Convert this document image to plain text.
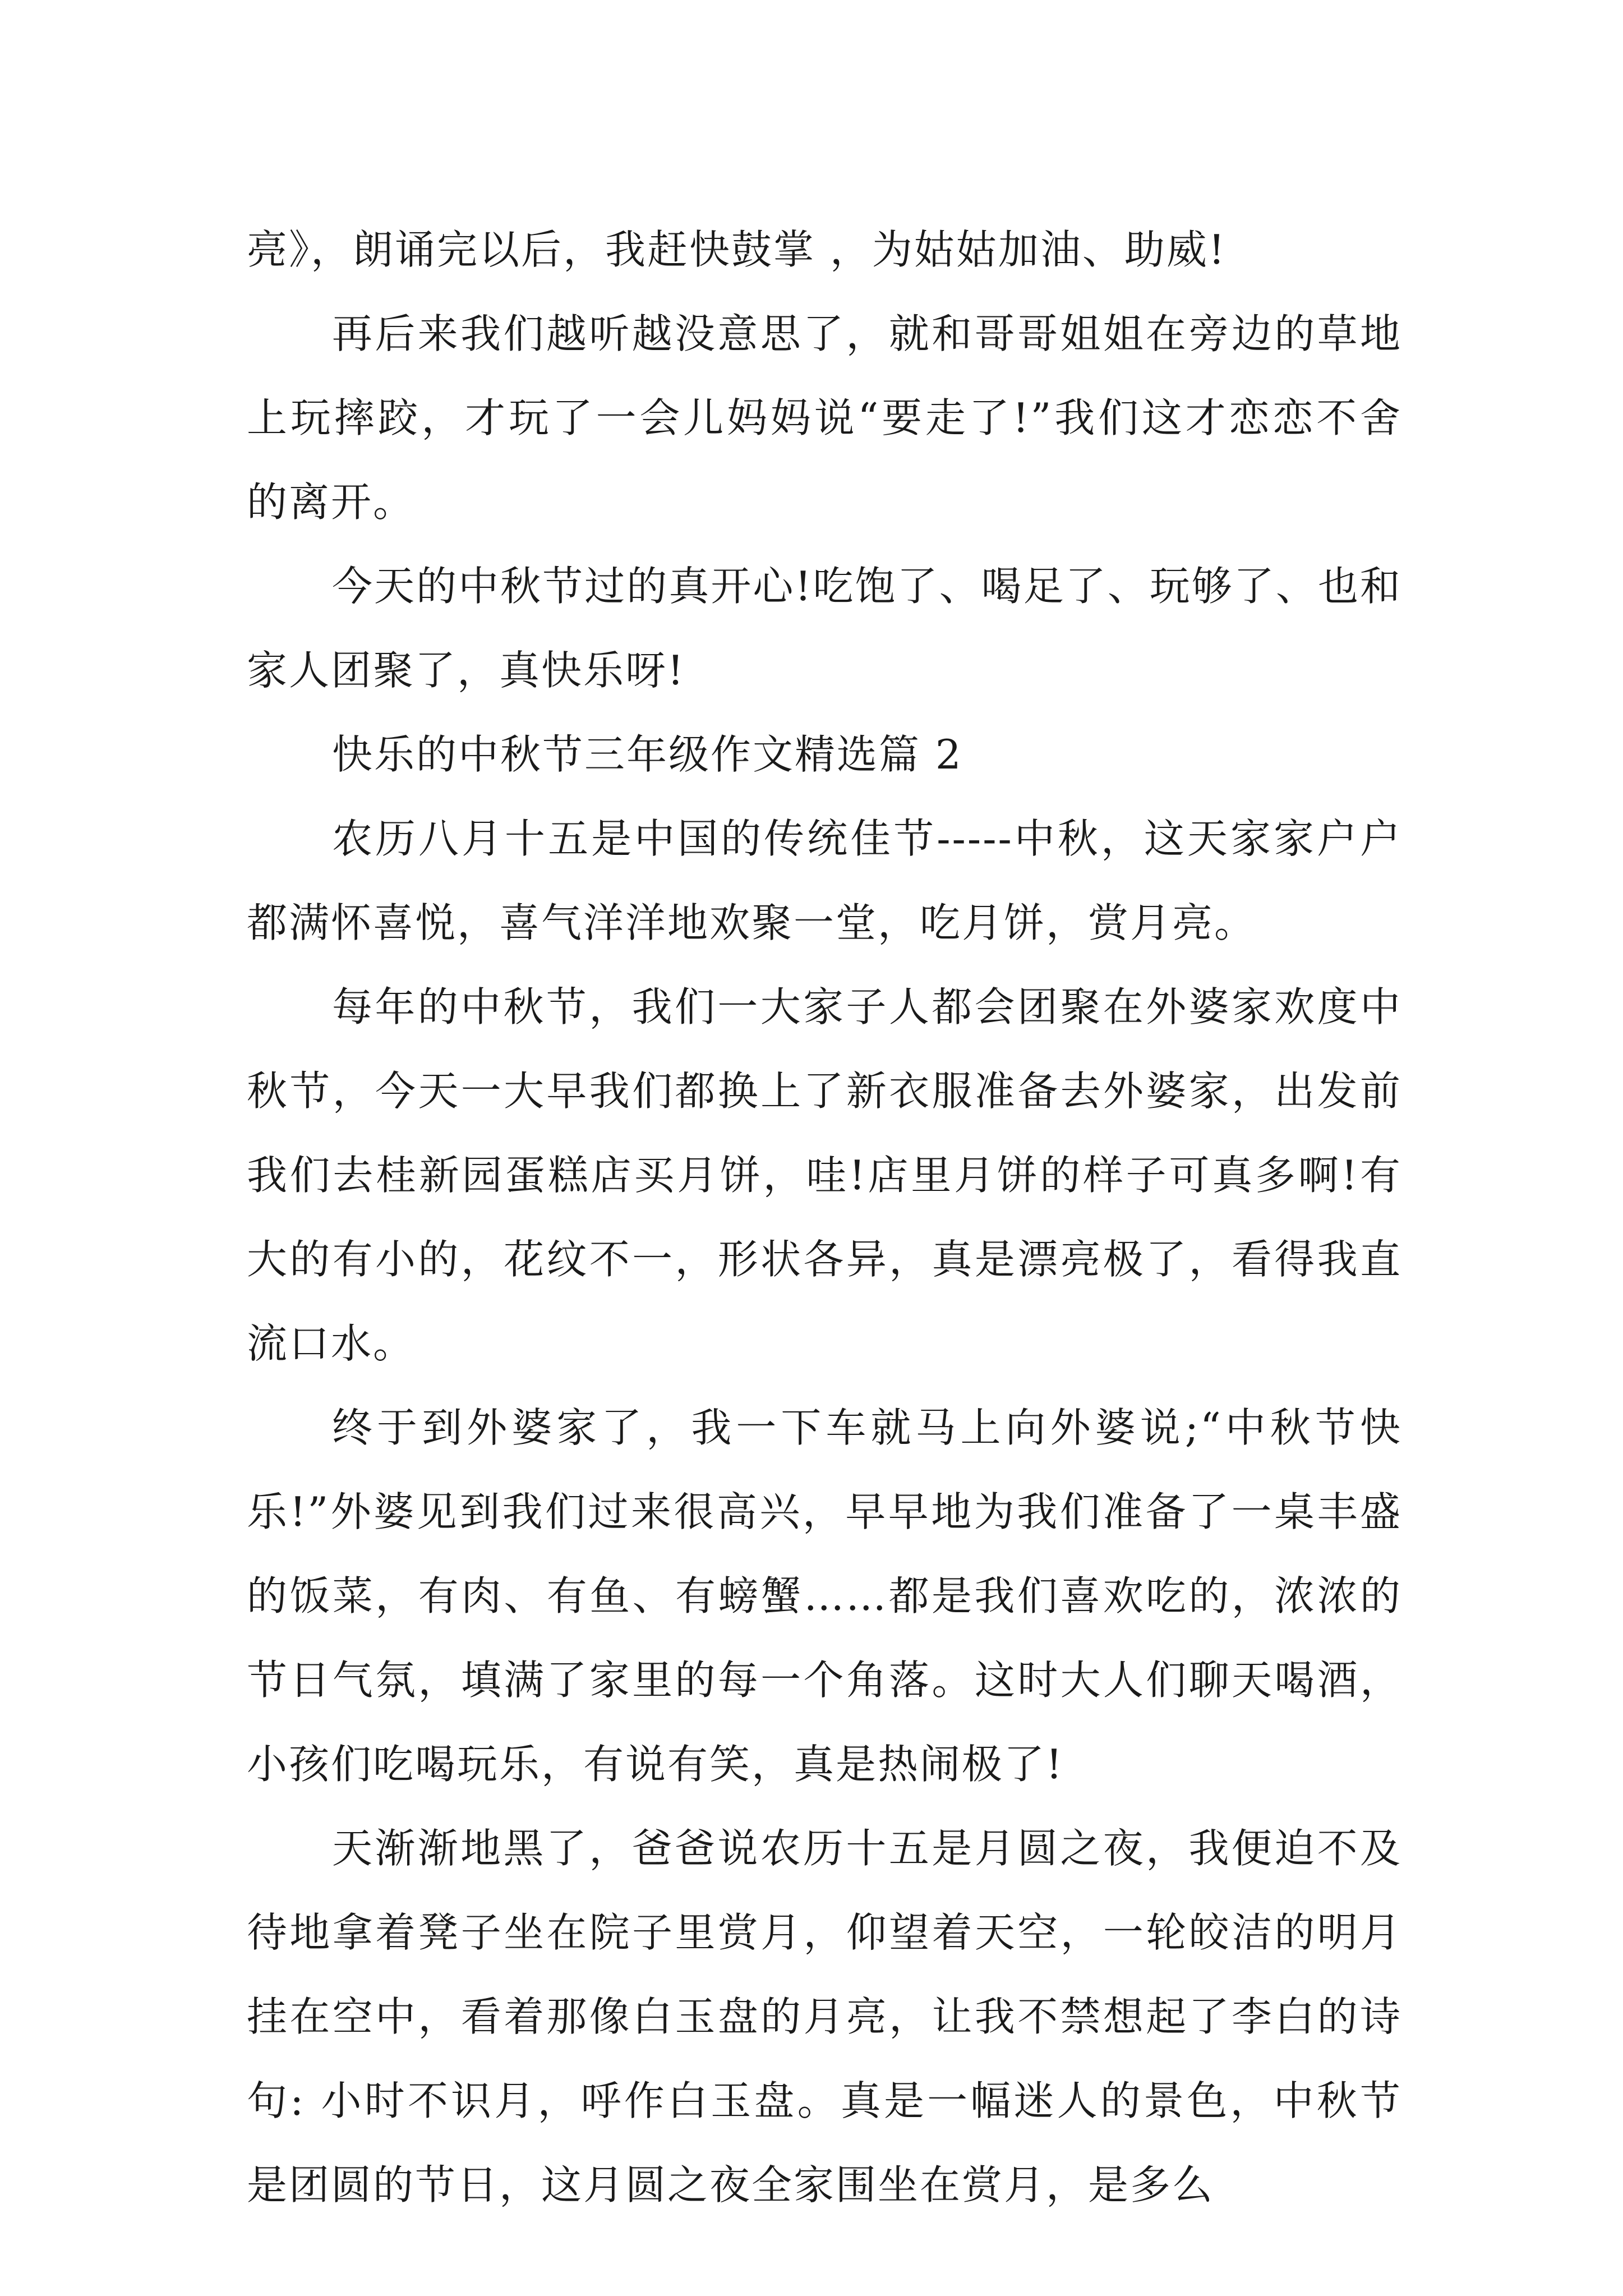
亮》，朗诵完以后，我赶快鼓掌 ，为姑姑加油、助威!

再后来我们越听越没意思了，就和哥哥姐姐在旁边的草地上玩摔跤，才玩了一会儿妈妈说“要走了!”我们这才恋恋不舍的离开。

今天的中秋节过的真开心!吃饱了、喝足了、玩够了、也和家人团聚了，真快乐呀!

快乐的中秋节三年级作文精选篇 2

农历八月十五是中国的传统佳节-----中秋，这天家家户户都满怀喜悦，喜气洋洋地欢聚一堂，吃月饼，赏月亮。

每年的中秋节，我们一大家子人都会团聚在外婆家欢度中秋节，今天一大早我们都换上了新衣服准备去外婆家，出发前我们去桂新园蛋糕店买月饼，哇!店里月饼的样子可真多啊!有大的有小的，花纹不一，形状各异，真是漂亮极了，看得我直流口水。

终于到外婆家了，我一下车就马上向外婆说;“中秋节快乐!”外婆见到我们过来很高兴，早早地为我们准备了一桌丰盛的饭菜，有肉、有鱼、有螃蟹……都是我们喜欢吃的，浓浓的节日气氛，填满了家里的每一个角落。这时大人们聊天喝酒，小孩们吃喝玩乐，有说有笑，真是热闹极了!

天渐渐地黑了，爸爸说农历十五是月圆之夜，我便迫不及待地拿着凳子坐在院子里赏月，仰望着天空，一轮皎洁的明月挂在空中，看着那像白玉盘的月亮，让我不禁想起了李白的诗句: 小时不识月，呼作白玉盘。真是一幅迷人的景色，中秋节是团圆的节日，这月圆之夜全家围坐在赏月，是多么
